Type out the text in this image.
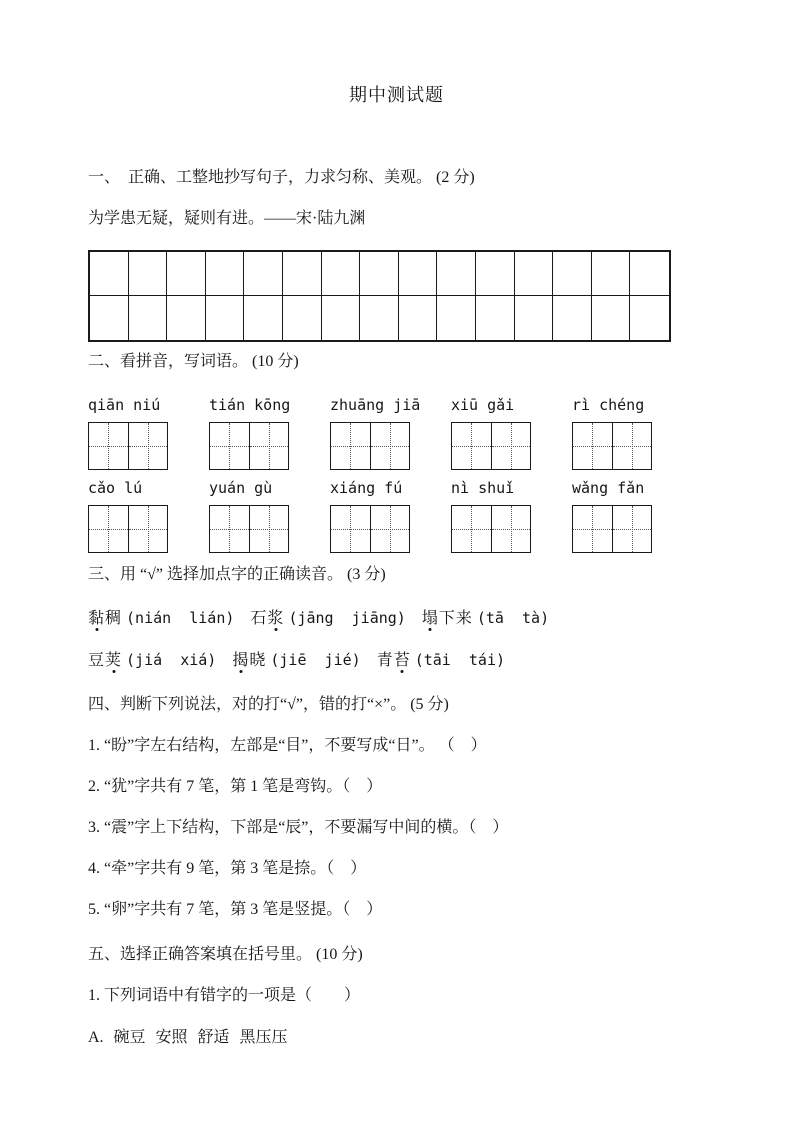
期中测试题
一、  正确、工整地抄写句子，力求匀称、美观。 (2 分)
为学患无疑，疑则有进。——宋·陆九渊
二、看拼音，写词语。 (10 分)
qiān niú	tián kōng	zhuāng jiā xiū gǎi	rì chéng
cǎo lú	yuán gù	xiáng fú	nì shuǐ	wǎng fǎn
三、用 “√” 选择加点字的正确读音。 (3 分)
黏稠 (nián  lián) 石浆 (jāng  jiāng) 塌下来 (tā  tà)
豆荚 (jiá  xiá) 揭晓 (jiē  jié) 青苔 (tāi  tái)
四、判断下列说法，对的打“√”，错的打“×”。 (5 分)
1. “盼”字左右结构，左部是“目”，不要写成“日”。 （　）
2. “犹”字共有 7 笔，第 1 笔是弯钩。（　）
3. “震”字上下结构，下部是“辰”，不要漏写中间的横。（　）
4. “牵”字共有 9 笔，第 3 笔是捺。（　）
5. “卵”字共有 7 笔，第 3 笔是竖提。（　）
五、选择正确答案填在括号里。 (10 分)
1. 下列词语中有错字的一项是（　　）
A. 碗豆 安照 舒适 黑压压
